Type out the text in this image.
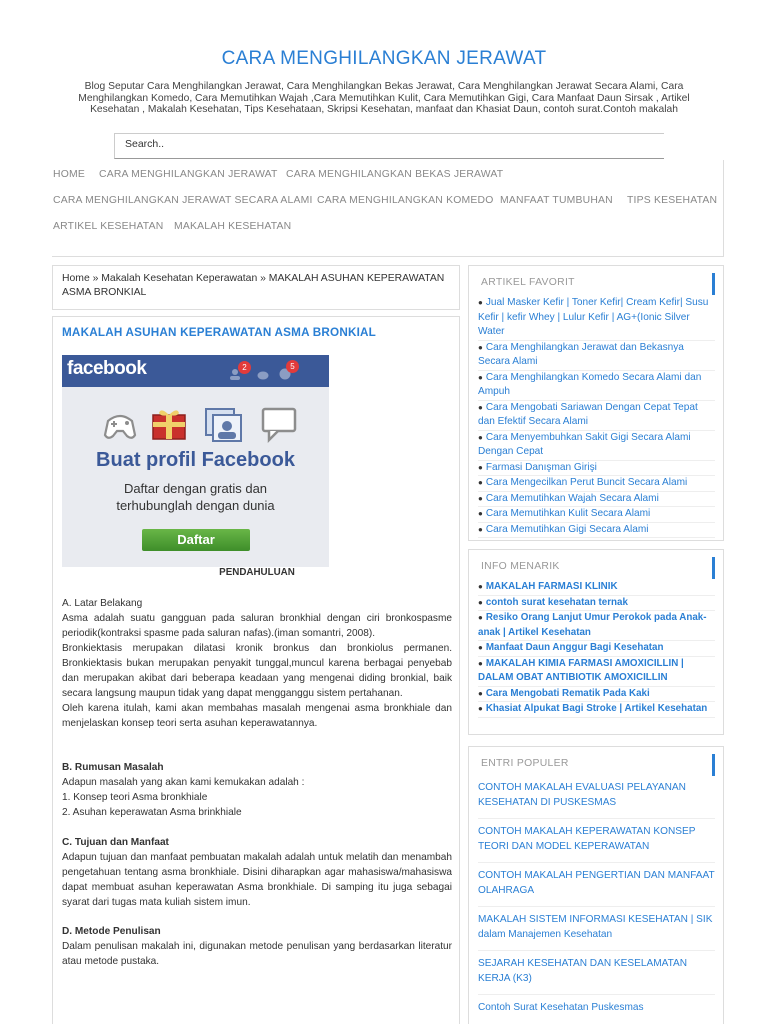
CARA MENGHILANGKAN JERAWAT
Blog Seputar Cara Menghilangkan Jerawat, Cara Menghilangkan Bekas Jerawat, Cara Menghilangkan Jerawat Secara Alami, Cara Menghilangkan Komedo, Cara Memutihkan Wajah ,Cara Memutihkan Kulit, Cara Memutihkan Gigi, Cara Manfaat Daun Sirsak , Artikel Kesehatan , Makalah Kesehatan, Tips Kesehataan, Skripsi Kesehatan, manfaat dan Khasiat Daun, contoh surat.Contoh makalah
Search..
HOME CARA MENGHILANGKAN JERAWAT CARA MENGHILANGKAN BEKAS JERAWAT
CARA MENGHILANGKAN JERAWAT SECARA ALAMI CARA MENGHILANGKAN KOMEDO MANFAAT TUMBUHAN TIPS KESEHATAN
ARTIKEL KESEHATAN MAKALAH KESEHATAN
Home » Makalah Kesehatan Keperawatan » MAKALAH ASUHAN KEPERAWATAN ASMA BRONKIAL
MAKALAH ASUHAN KEPERAWATAN ASMA BRONKIAL
facebook	2	5
Buat profil Facebook
Daftar dengan gratis dan
terhubunglah dengan dunia
Daftar
PENDAHULUAN

A. Latar Belakang

Asma adalah suatu gangguan pada saluran bronkhial dengan ciri bronkospasme periodik(kontraksi spasme pada saluran nafas).(iman somantri, 2008).

Bronkiektasis merupakan dilatasi kronik bronkus dan bronkiolus permanen. Bronkiektasis bukan merupakan penyakit tunggal,muncul karena berbagai penyebab dan merupakan akibat dari beberapa keadaan yang mengenai diding bronkial, baik secara langsung maupun tidak yang dapat mengganggu sistem pertahanan.

Oleh karena itulah, kami akan membahas masalah mengenai asma bronkhiale dan menjelaskan konsep teori serta asuhan keperawatannya.

B. Rumusan Masalah

Adapun masalah yang akan kami kemukakan adalah :

1. Konsep teori Asma bronkhiale

2. Asuhan keperawatan Asma brinkhiale

C. Tujuan dan Manfaat

Adapun tujuan dan manfaat pembuatan makalah adalah untuk melatih dan menambah pengetahuan tentang asma bronkhiale. Disini diharapkan agar mahasiswa/mahasiswa dapat membuat asuhan keperawatan Asma bronkhiale. Di samping itu juga sebagai syarat dari tugas mata kuliah sistem imun.

D. Metode Penulisan

Dalam penulisan makalah ini, digunakan metode penulisan yang berdasarkan literatur atau metode pustaka.

ARTIKEL FAVORIT
● Jual Masker Kefir | Toner Kefir| Cream Kefir| Susu Kefir | kefir Whey | Lulur Kefir | AG+(Ionic Silver Water
● Cara Menghilangkan Jerawat dan Bekasnya Secara Alami
● Cara Menghilangkan Komedo Secara Alami dan Ampuh
● Cara Mengobati Sariawan Dengan Cepat Tepat dan Efektif Secara Alami
● Cara Menyembuhkan Sakit Gigi Secara Alami Dengan Cepat
● Farmasi Danışman Girişi
● Cara Mengecilkan Perut Buncit Secara Alami
● Cara Memutihkan Wajah Secara Alami
● Cara Memutihkan Kulit Secara Alami
● Cara Memutihkan Gigi Secara Alami
INFO MENARIK
● MAKALAH FARMASI KLINIK
● contoh surat kesehatan ternak
● Resiko Orang Lanjut Umur Perokok pada Anak-anak | Artikel Kesehatan
● Manfaat Daun Anggur Bagi Kesehatan
● MAKALAH KIMIA FARMASI AMOXICILLIN | DALAM OBAT ANTIBIOTIK AMOXICILLIN
● Cara Mengobati Rematik Pada Kaki
● Khasiat Alpukat Bagi Stroke | Artikel Kesehatan
ENTRI POPULER
CONTOH MAKALAH EVALUASI PELAYANAN KESEHATAN DI PUSKESMAS
CONTOH MAKALAH KEPERAWATAN KONSEP TEORI DAN MODEL KEPERAWATAN
CONTOH MAKALAH PENGERTIAN DAN MANFAAT OLAHRAGA
MAKALAH SISTEM INFORMASI KESEHATAN | SIK dalam Manajemen Kesehatan
SEJARAH KESEHATAN DAN KESELAMATAN KERJA (K3)
Contoh Surat Kesehatan Puskesmas
